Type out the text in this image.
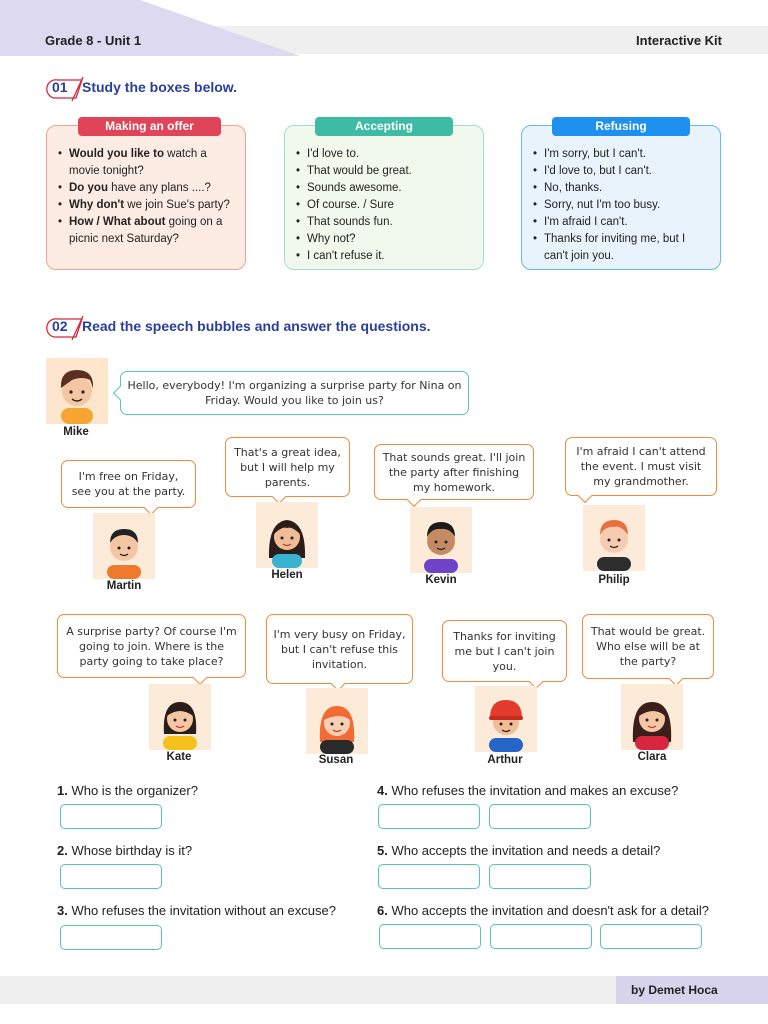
Grade 8 - Unit 1	Interactive Kit
01 Study the boxes below.
Making an offer
• Would you like to watch a movie tonight?
• Do you have any plans ....?
• Why don't we join Sue's party?
• How / What about going on a picnic next Saturday?
Accepting
• I'd love to.
• That would be great.
• Sounds awesome.
• Of course. / Sure
• That sounds fun.
• Why not?
• I can't refuse it.
Refusing
• I'm sorry, but I can't.
• I'd love to, but I can't.
• No, thanks.
• Sorry, nut I'm too busy.
• I'm afraid I can't.
• Thanks for inviting me, but I can't join you.
02 Read the speech bubbles and answer the questions.
Mike
Hello, everybody! I'm organizing a surprise party for Nina on Friday. Would you like to join us?
I'm free on Friday, see you at the party.
Martin
That's a great idea, but I will help my parents.
Helen
That sounds great. I'll join the party after finishing my homework.
Kevin
I'm afraid I can't attend the event. I must visit my grandmother.
Philip
A surprise party? Of course I'm going to join. Where is the party going to take place?
Kate
I'm very busy on Friday, but I can't refuse this invitation.
Susan
Thanks for inviting me but I can't join you.
Arthur
That would be great. Who else will be at the party?
Clara
1. Who is the organizer?
2. Whose birthday is it?
3. Who refuses the invitation without an excuse?
4. Who refuses the invitation and makes an excuse?
5. Who accepts the invitation and needs a detail?
6. Who accepts the invitation and doesn't ask for a detail?
by Demet Hoca
